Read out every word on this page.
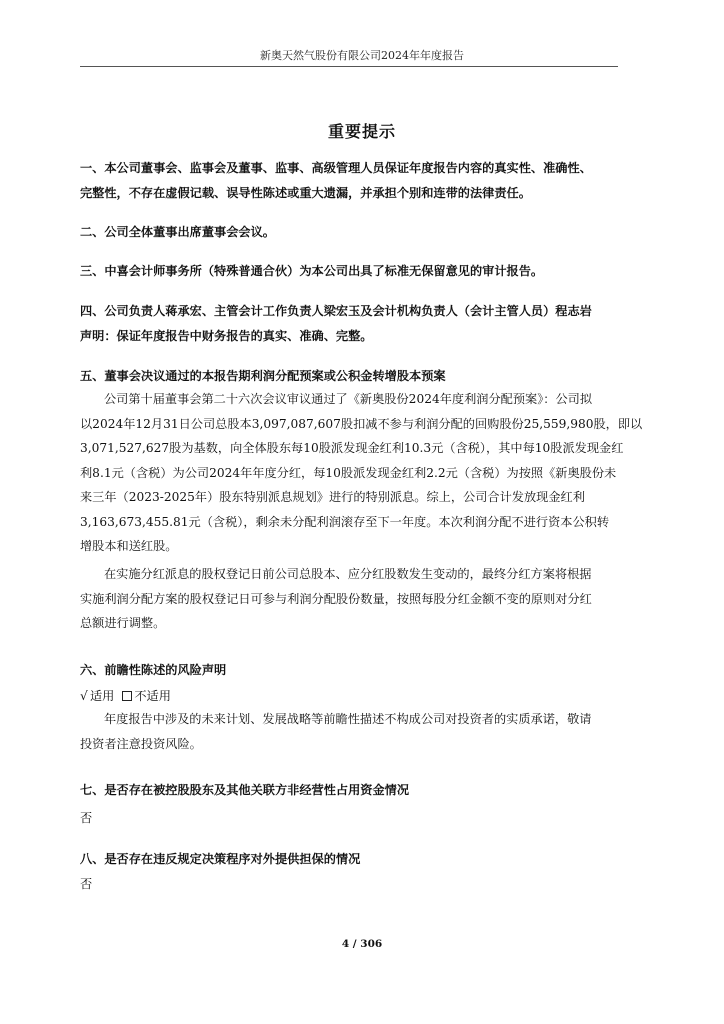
新奥天然气股份有限公司2024年年度报告
重要提示
一、本公司董事会、监事会及董事、监事、高级管理人员保证年度报告内容的真实性、准确性、
完整性，不存在虚假记载、误导性陈述或重大遗漏，并承担个别和连带的法律责任。
二、公司全体董事出席董事会会议。
三、中喜会计师事务所（特殊普通合伙）为本公司出具了标准无保留意见的审计报告。
四、公司负责人蒋承宏、主管会计工作负责人梁宏玉及会计机构负责人（会计主管人员）程志岩
声明：保证年度报告中财务报告的真实、准确、完整。
五、董事会决议通过的本报告期利润分配预案或公积金转增股本预案
公司第十届董事会第二十六次会议审议通过了《新奥股份2024年度利润分配预案》：公司拟
以2024年12月31日公司总股本3,097,087,607股扣减不参与利润分配的回购股份25,559,980股，即以
3,071,527,627股为基数，向全体股东每10股派发现金红利10.3元（含税），其中每10股派发现金红
利8.1元（含税）为公司2024年年度分红，每10股派发现金红利2.2元（含税）为按照《新奥股份未
来三年（2023-2025年）股东特别派息规划》进行的特别派息。综上，公司合计发放现金红利
3,163,673,455.81元（含税），剩余未分配利润滚存至下一年度。本次利润分配不进行资本公积转
增股本和送红股。
在实施分红派息的股权登记日前公司总股本、应分红股数发生变动的，最终分红方案将根据
实施利润分配方案的股权登记日可参与利润分配股份数量，按照每股分红金额不变的原则对分红
总额进行调整。
六、前瞻性陈述的风险声明
√ 适用 不适用
年度报告中涉及的未来计划、发展战略等前瞻性描述不构成公司对投资者的实质承诺，敬请
投资者注意投资风险。
七、是否存在被控股股东及其他关联方非经营性占用资金情况
否
八、是否存在违反规定决策程序对外提供担保的情况
否
4 / 306
